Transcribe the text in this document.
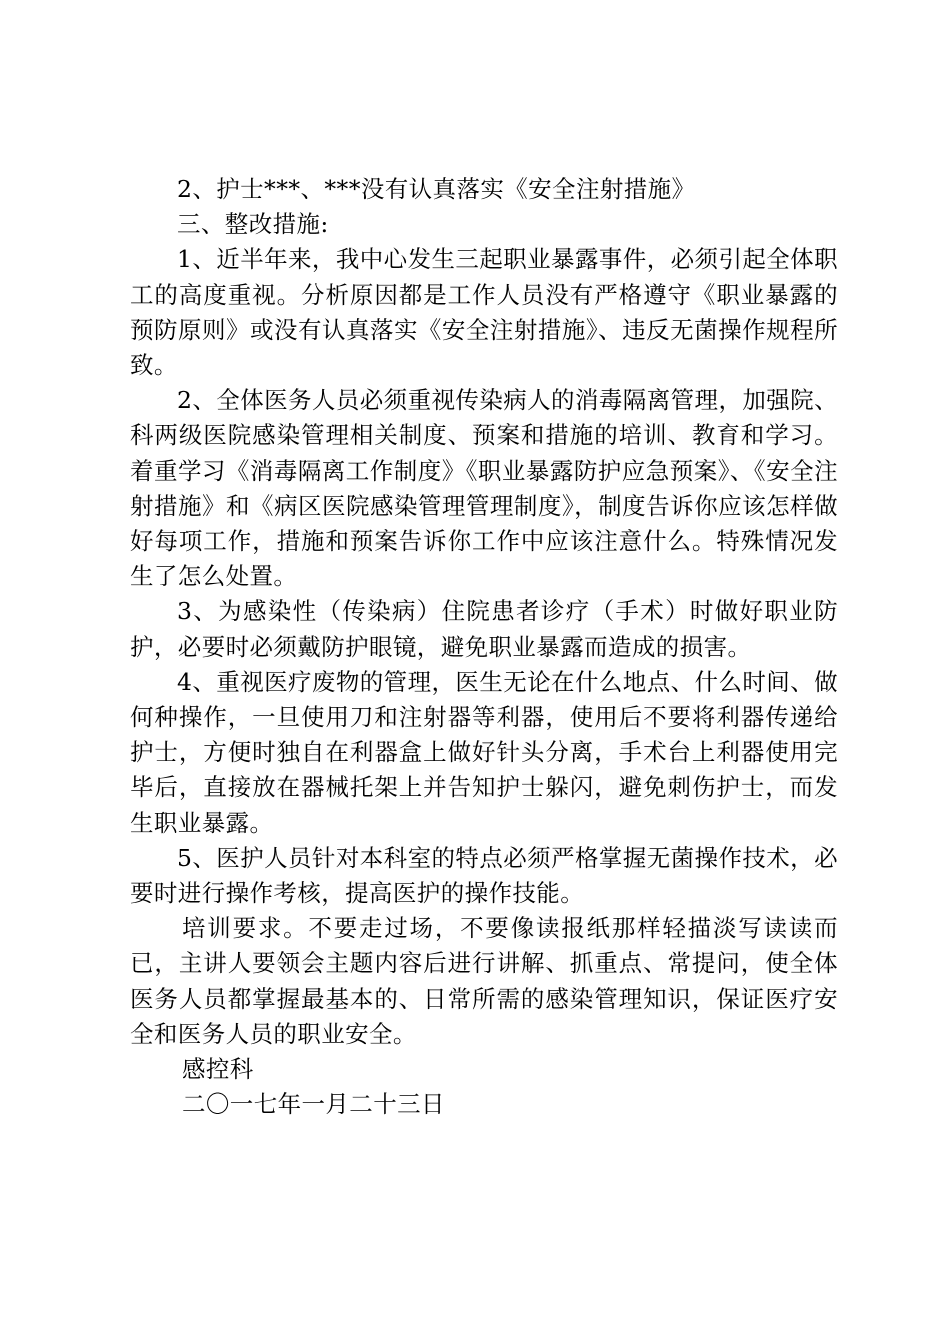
2、护士***、***没有认真落实《安全注射措施》

三、整改措施:

1、近半年来，我中心发生三起职业暴露事件，必须引起全体职工的高度重视。分析原因都是工作人员没有严格遵守《职业暴露的预防原则》或没有认真落实《安全注射措施》、违反无菌操作规程所致。

2、全体医务人员必须重视传染病人的消毒隔离管理，加强院、科两级医院感染管理相关制度、预案和措施的培训、教育和学习。着重学习《消毒隔离工作制度》《职业暴露防护应急预案》、《安全注射措施》和《病区医院感染管理管理制度》，制度告诉你应该怎样做好每项工作，措施和预案告诉你工作中应该注意什么。特殊情况发生了怎么处置。

3、为感染性（传染病）住院患者诊疗（手术）时做好职业防护，必要时必须戴防护眼镜，避免职业暴露而造成的损害。

4、重视医疗废物的管理，医生无论在什么地点、什么时间、做何种操作，一旦使用刀和注射器等利器，使用后不要将利器传递给护士，方便时独自在利器盒上做好针头分离，手术台上利器使用完毕后，直接放在器械托架上并告知护士躲闪，避免刺伤护士，而发生职业暴露。

5、医护人员针对本科室的特点必须严格掌握无菌操作技术，必要时进行操作考核，提高医护的操作技能。

培训要求。不要走过场，不要像读报纸那样轻描淡写读读而已，主讲人要领会主题内容后进行讲解、抓重点、常提问，使全体医务人员都掌握最基本的、日常所需的感染管理知识，保证医疗安全和医务人员的职业安全。

感控科

二〇一七年一月二十三日
